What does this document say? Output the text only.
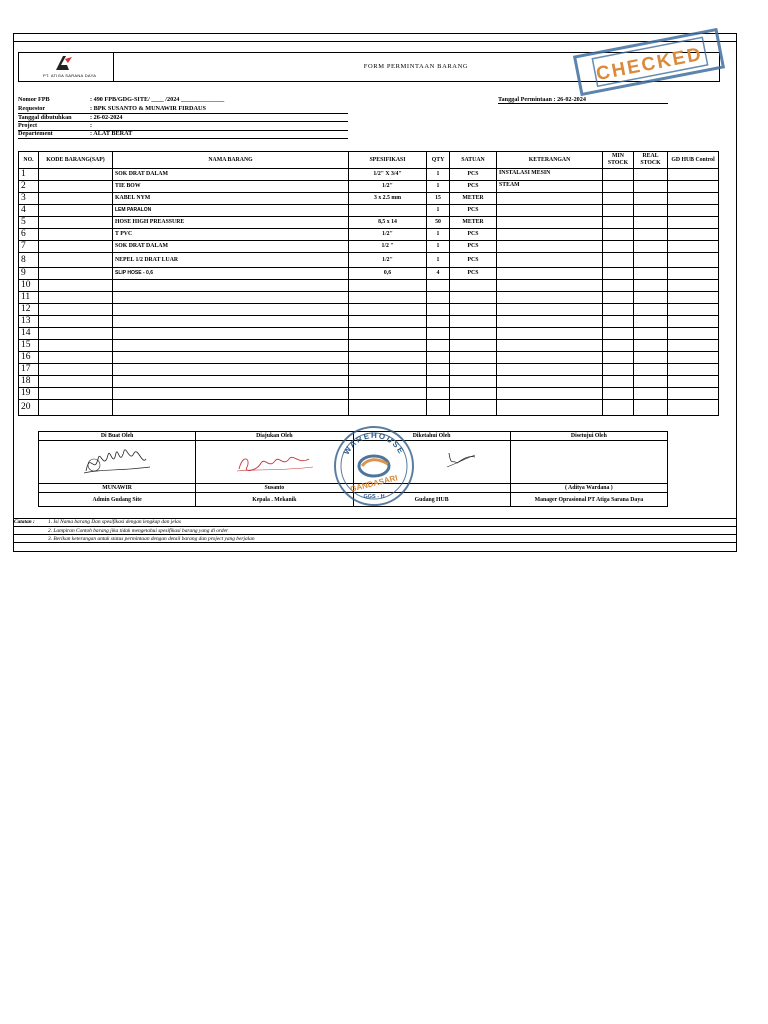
PT. ATIGA SARANA DAYA
FORM PERMINTAAN BARANG	CHECKED
Nomor FPB	: 490 FPB/GDG-SITE/ ____ /2024 ______________	Tanggal Permintaan : 26-02-2024
Requestor	: BPK SUSANTO & MUNAWIR FIRDAUS
Tanggal dibutuhkan	: 26-02-2024
Project	:
Departement	: ALAT BERAT
NO.	KODE BARANG(SAP)	NAMA BARANG	SPESIFIKASI	QTY	SATUAN	KETERANGAN	MIN STOCK	REAL STOCK	GD HUB Control
1		SOK DRAT DALAM	1/2" X 3/4"	1	PCS	INSTALASI MESIN			
2		TIE BOW	1/2"	1	PCS	STEAM			
3		KABEL NYM	3 x 2.5 mm	15	METER				
4		LEM PARALON		1	PCS				
5		HOSE HIGH PREASSURE	8,5 x 14	50	METER				
6		T PVC	1/2"	1	PCS				
7		SOK DRAT DALAM	1/2 "	1	PCS				
8		NEPEL 1/2 DRAT LUAR	1/2"	1	PCS				
9		SLIP HOSE - 0,6	0,6	4	PCS				
10									
11									
12									
13									
14									
15									
16									
17									
18									
19									
20									
Di Buat Oleh	Diajukan Oleh	Diketahui Oleh	Disetujui Oleh

MUNAWIR	Susanto		( Aditya Wardana )
Admin Gudang Site	Kepala . Mekanik	Gudang HUB	Manager Oprasional PT Atiga Sarana Daya
WAREHOUSE
GANDASARI
GGS - H
Catatan : 1. Isi Nama barang Dan spesifikasi dengan lengkap dan jelas
2. Lampiran Contoh barang jika tidak mengetahui spesifikasi barang yang di order
3. Berikan keterangan untuk status permintaan dengan detail barang dan project yang berjalan
